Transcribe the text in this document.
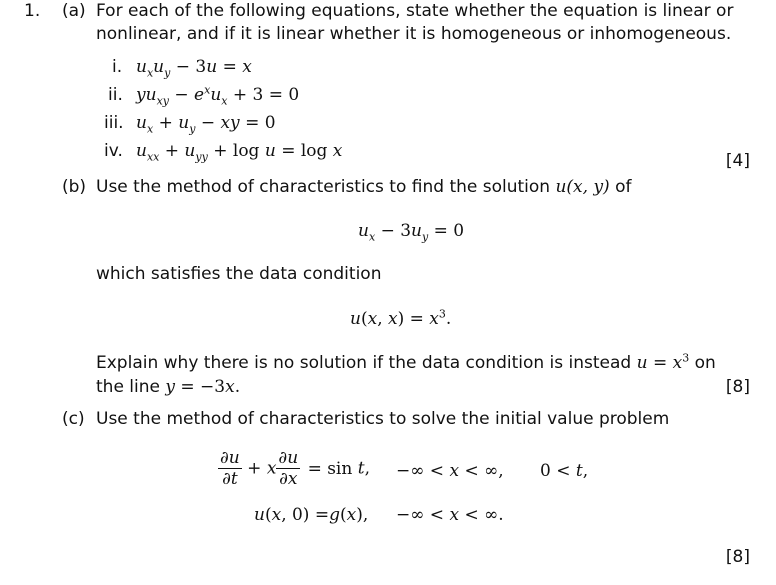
1. (a) For each of the following equations, state whether the equation is linear or
nonlinear, and if it is linear whether it is homogeneous or inhomogeneous.
i. $u_xu_y - 3u = x$
ii. $yu_{xy} - e^xu_x + 3 = 0$
iii. $u_x + u_y$ − xy = 0
iv. $u_{xx} + u_{yy} + \log u = \log x$	[4]
(b) Use the method of characteristics to find the solution u(x, y) of
$u_x - 3u_y = 0$
which satisfies the data condition
u(x, $x) = x^3$.
Explain why there is no solution if the data condition is instead $u = x^3$ on
the line y = −3x.	[8]
(c) Use the method of characteristics to solve the initial value problem
$\frac{\partial u}{\partial t} + x \frac{\partial u}{\partial x} = \sin t$, −∞ < x < ∞, 0 < t,
u(x, 0) =g(x), −∞ < x < ∞.
[8]
